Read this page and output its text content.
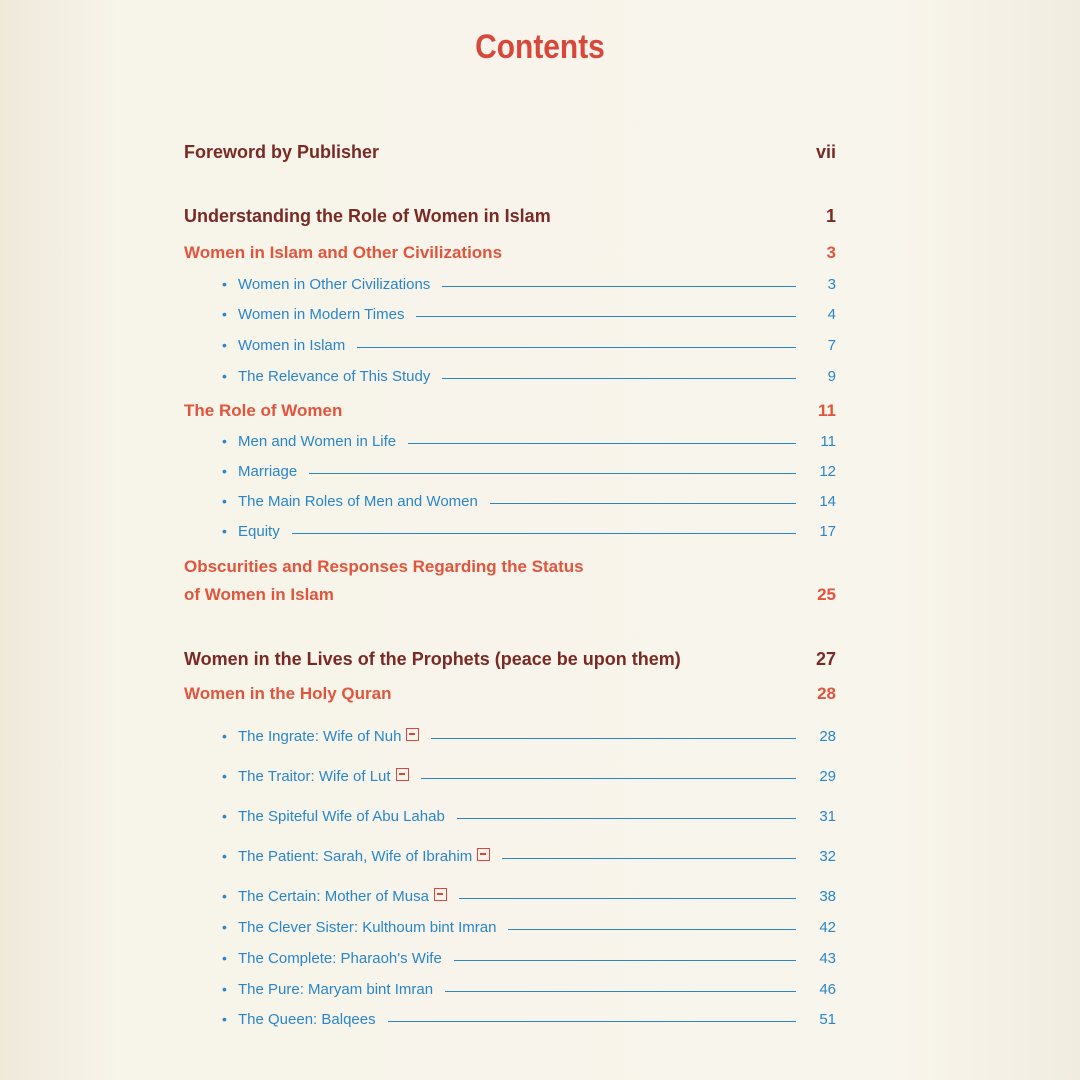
Contents
Foreword by Publisher	vii
Understanding the Role of Women in Islam	1
Women in Islam and Other Civilizations	3
• Women in Other Civilizations	3
• Women in Modern Times	4
• Women in Islam	7
• The Relevance of This Study	9
The Role of Women	11
• Men and Women in Life	11
• Marriage	12
• The Main Roles of Men and Women	14
• Equity	17
Obscurities and Responses Regarding the Status
of Women in Islam	25
Women in the Lives of the Prophets (peace be upon them)	27
Women in the Holy Quran	28
• The Ingrate: Wife of Nuh	28
• The Traitor: Wife of Lut	29
• The Spiteful Wife of Abu Lahab	31
• The Patient: Sarah, Wife of Ibrahim	32
• The Certain: Mother of Musa	38
• The Clever Sister: Kulthoum bint Imran	42
• The Complete: Pharaoh's Wife	43
• The Pure: Maryam bint Imran	46
• The Queen: Balqees	51
